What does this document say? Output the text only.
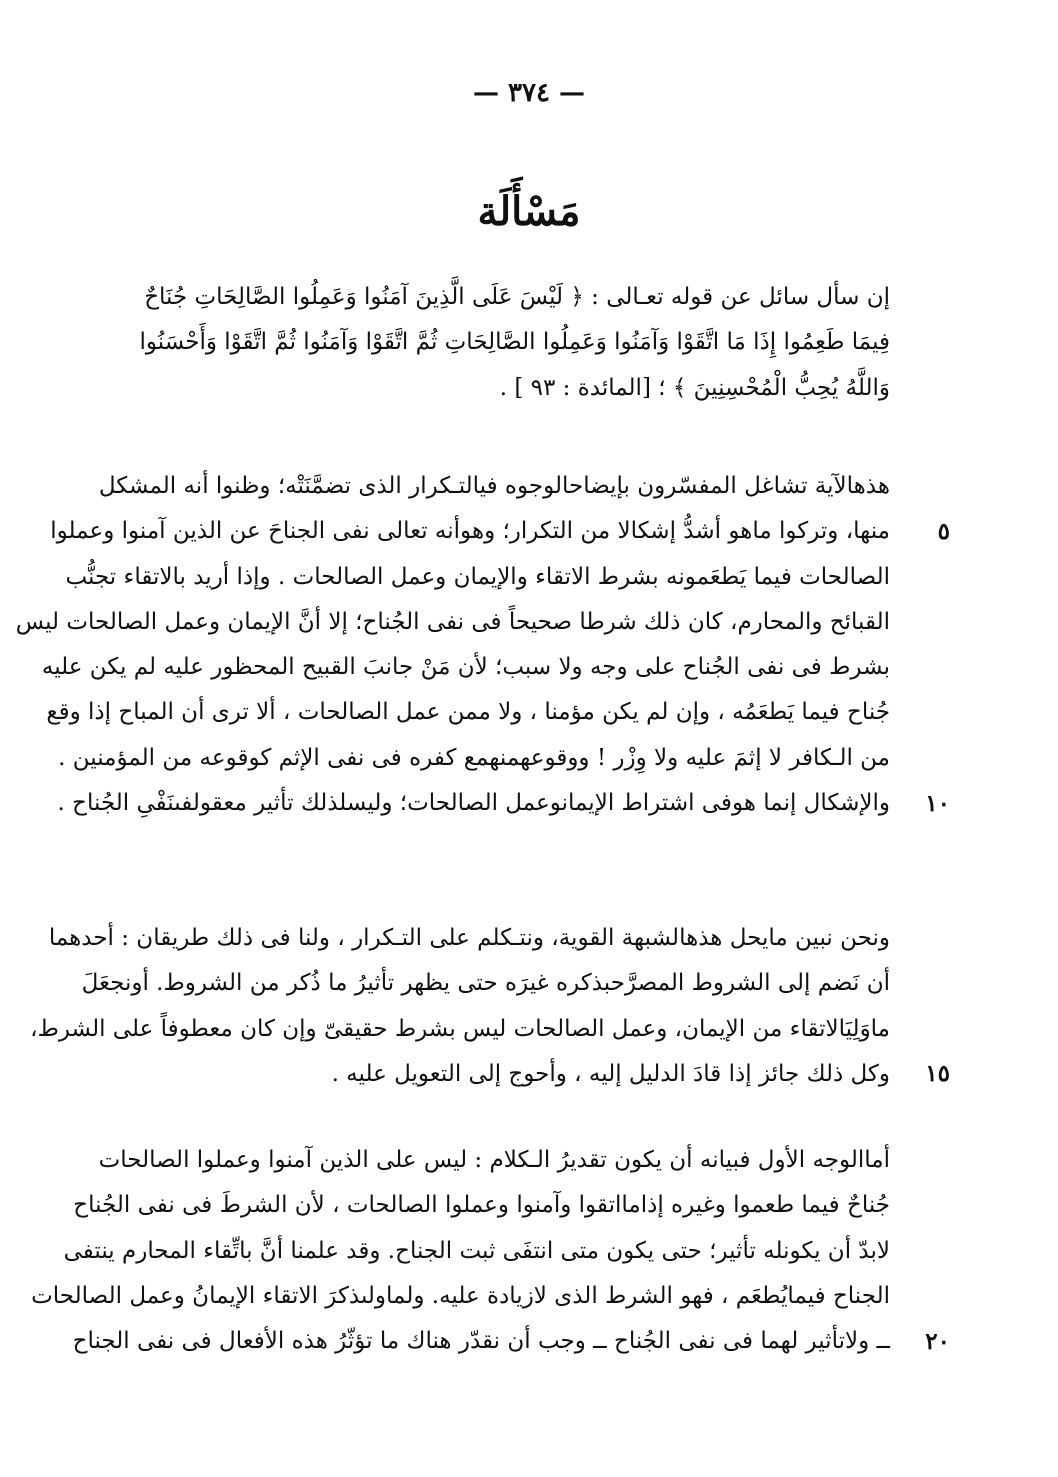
— ٣٧٤ —
مَسْأَلَة
إن سأل سائل عن قوله تعـالى : ﴿ لَيْسَ عَلَى الَّذِينَ آمَنُوا وَعَمِلُوا الصَّالِحَاتِ جُنَاحٌ
فِيمَا طَعِمُوا إِذَا مَا اتَّقَوْا وَآمَنُوا وَعَمِلُوا الصَّالِحَاتِ ثُمَّ اتَّقَوْا وَآمَنُوا ثُمَّ اتَّقَوْا وَأَحْسَنُوا
وَاللَّهُ يُحِبُّ الْمُحْسِنِينَ ﴾ ؛ [المائدة : ٩٣ ] .
هذهالآية تشاغل المفسّرون بإيضاحالوجوه فيالتـكرار الذى تضمَّنَتْه؛ وظنوا أنه المشكل
منها، وتركوا ماهو أشدُّ إشكالا من التكرار؛ وهوأنه تعالى نفى الجناحَ عن الذين آمنوا وعملوا
الصالحات فيما يَطعَمونه بشرط الاتقاء والإيمان وعمل الصالحات . وإذا أريد بالاتقاء تجنُّب
القبائح والمحارم، كان ذلك شرطا صحيحاً فى نفى الجُناح؛ إلا أنَّ الإيمان وعمل الصالحات ليس
بشرط فى نفى الجُناح على وجه ولا سبب؛ لأن مَنْ جانبَ القبيح المحظور عليه لم يكن عليه
جُناح فيما يَطعَمُه ، وإن لم يكن مؤمنا ، ولا ممن عمل الصالحات ، ألا ترى أن المباح إذا وقع
من الـكافر لا إثمَ عليه ولا وِزْر ! ووقوعهمنهمع كفره فى نفى الإثم كوقوعه من المؤمنين .
والإشكال إنما هوفى اشتراط الإيمانوعمل الصالحات؛ وليسلذلك تأثير معقولفىنَفْىِ الجُناح .
ونحن نبين مايحل هذهالشبهة القوية، ونتـكلم على التـكرار ، ولنا فى ذلك طريقان : أحدهما
أن نَضم إلى الشروط المصرَّحبذكره غيرَه حتى يظهر تأثيرُ ما ذُكر من الشروط. أونجعَلَ
ماوَلِيَالاتقاء من الإيمان، وعمل الصالحات ليس بشرط حقيقىّ وإن كان معطوفاً على الشرط،
وكل ذلك جائز إذا قادَ الدليل إليه ، وأحوج إلى التعويل عليه .
أماالوجه الأول فبيانه أن يكون تقديرُ الـكلام : ليس على الذين آمنوا وعملوا الصالحات
جُناحٌ فيما طعموا وغيره إذامااتقوا وآمنوا وعملوا الصالحات ، لأن الشرطَ فى نفى الجُناح
لابدّ أن يكونله تأثير؛ حتى يكون متى انتفَى ثبت الجناح. وقد علمنا أنَّ باتِّقاء المحارم ينتفى
الجناح فيمايُطعَم ، فهو الشرط الذى لازيادة عليه. ولماولىذكرَ الاتقاء الإيمانُ وعمل الصالحات
ــ ولاتأثير لهما فى نفى الجُناح ــ وجب أن نقدّر هناك ما تؤثّرُ هذه الأفعال فى نفى الجناح
٥
١٠
١٥
٢٠
